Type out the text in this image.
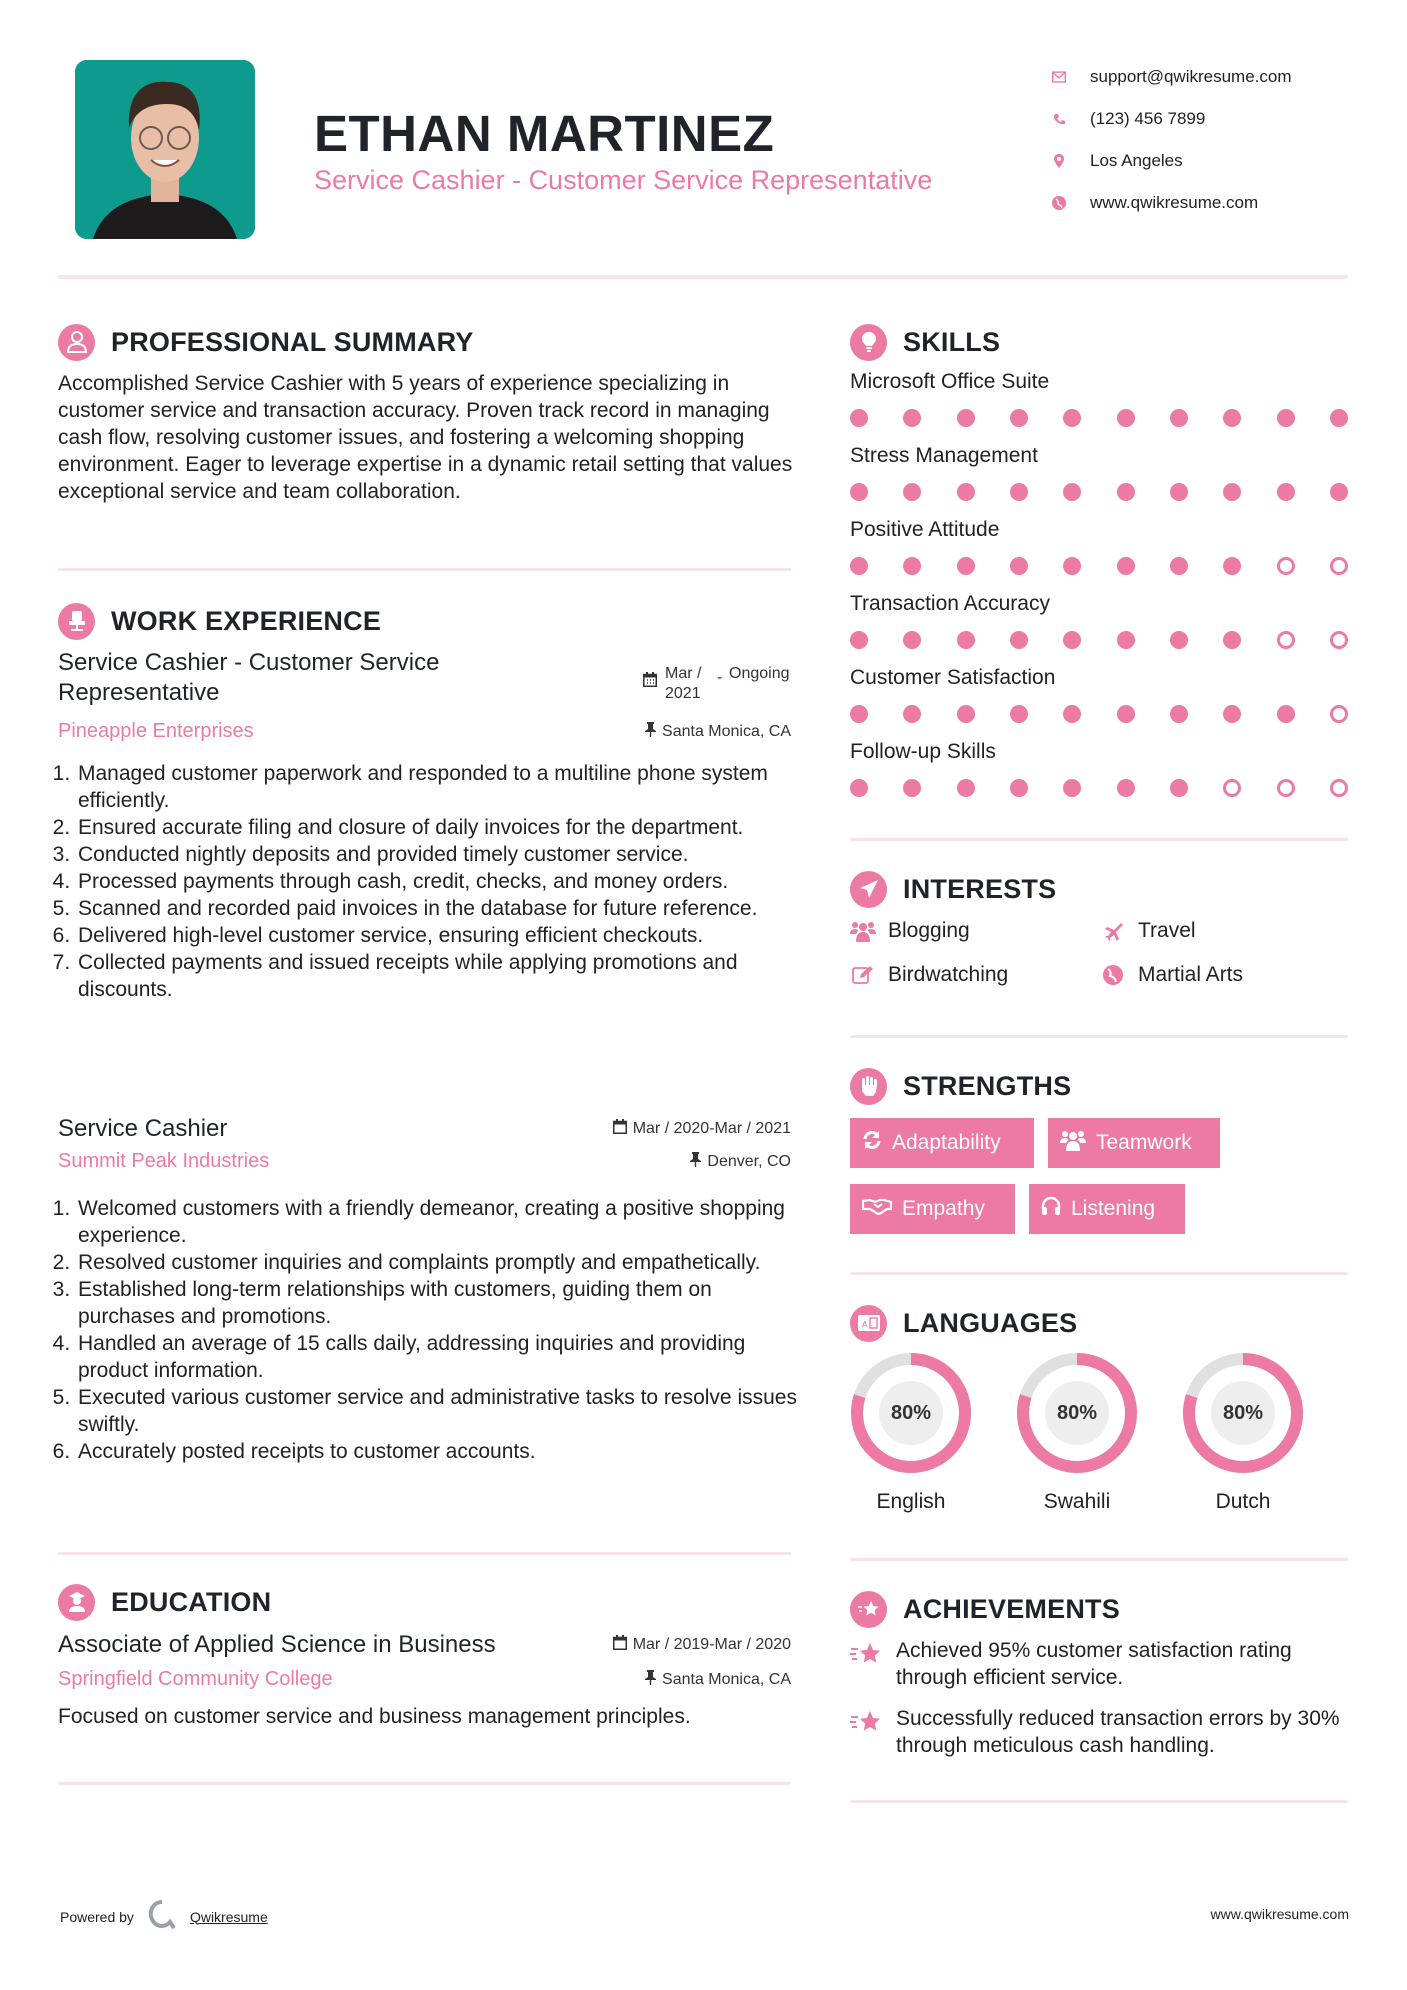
ETHAN MARTINEZ
Service Cashier - Customer Service Representative
support@qwikresume.com
(123) 456 7899
Los Angeles
www.qwikresume.com
PROFESSIONAL SUMMARY
Accomplished Service Cashier with 5 years of experience specializing in customer service and transaction accuracy. Proven track record in managing cash flow, resolving customer issues, and fostering a welcoming shopping environment. Eager to leverage expertise in a dynamic retail setting that values exceptional service and team collaboration.
WORK EXPERIENCE
Service Cashier - Customer Service Representative
Mar / 2021
- Ongoing
Pineapple Enterprises	Santa Monica, CA
1. Managed customer paperwork and responded to a multiline phone system efficiently.
2. Ensured accurate filing and closure of daily invoices for the department.
3. Conducted nightly deposits and provided timely customer service.
4. Processed payments through cash, credit, checks, and money orders.
5. Scanned and recorded paid invoices in the database for future reference.
6. Delivered high-level customer service, ensuring efficient checkouts.
7. Collected payments and issued receipts while applying promotions and discounts.
Service Cashier	Mar / 2020-Mar / 2021
Summit Peak Industries	Denver, CO
1. Welcomed customers with a friendly demeanor, creating a positive shopping experience.
2. Resolved customer inquiries and complaints promptly and empathetically.
3. Established long-term relationships with customers, guiding them on purchases and promotions.
4. Handled an average of 15 calls daily, addressing inquiries and providing product information.
5. Executed various customer service and administrative tasks to resolve issues swiftly.
6. Accurately posted receipts to customer accounts.
EDUCATION
Associate of Applied Science in Business	Mar / 2019-Mar / 2020
Springfield Community College	Santa Monica, CA
Focused on customer service and business management principles.
SKILLS
Microsoft Office Suite
Stress Management
Positive Attitude
Transaction Accuracy
Customer Satisfaction
Follow-up Skills
INTERESTS
Blogging	Travel
Birdwatching	Martial Arts
STRENGTHS
Adaptability	Teamwork
Empathy	Listening
A LANGUAGES
80%
English
80%
Swahili
80%
Dutch
ACHIEVEMENTS
Achieved 95% customer satisfaction rating through efficient service.
Successfully reduced transaction errors by 30% through meticulous cash handling.
Powered by	Qwikresume	www.qwikresume.com
